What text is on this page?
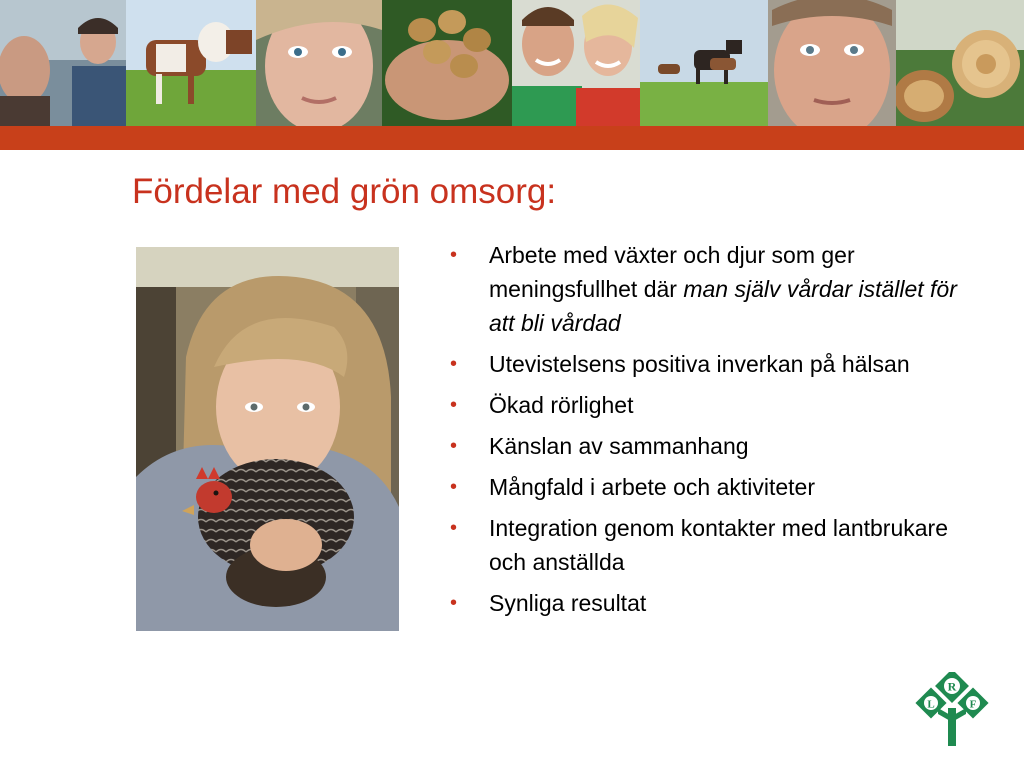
Fördelar med grön omsorg:
• Arbete med växter och djur som ger meningsfullhet där man själv vårdar istället för att bli vårdad
• Utevistelsens positiva inverkan på hälsan
• Ökad rörlighet
• Känslan av sammanhang
• Mångfald i arbete och aktiviteter
• Integration genom kontakter med lantbrukare och anställda
• Synliga resultat
R
L	F
